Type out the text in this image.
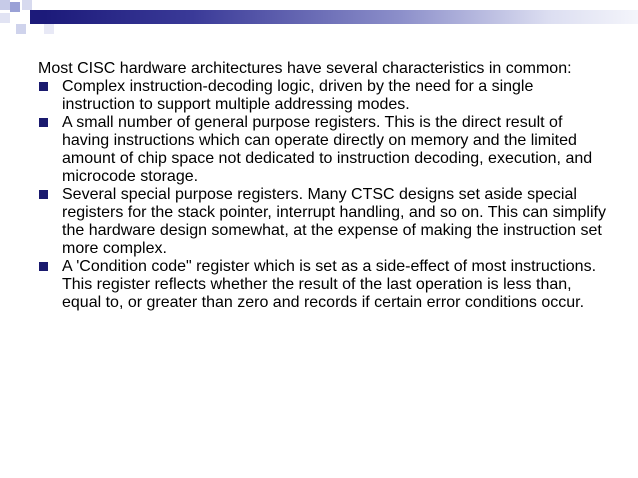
Most CISC hardware architectures have several characteristics in common:

Complex instruction-decoding logic, driven by the need for a single instruction to support multiple addressing modes.
A small number of general purpose registers. This is the direct result of having instructions which can operate directly on memory and the limited amount of chip space not dedicated to instruction decoding, execution, and microcode storage.
Several special purpose registers. Many CTSC designs set aside special registers for the stack pointer, interrupt handling, and so on. This can simplify the hardware design somewhat, at the expense of making the instruction set more complex.
A 'Condition code" register which is set as a side-effect of most instructions. This register reflects whether the result of the last operation is less than, equal to, or greater than zero and records if certain error conditions occur.
